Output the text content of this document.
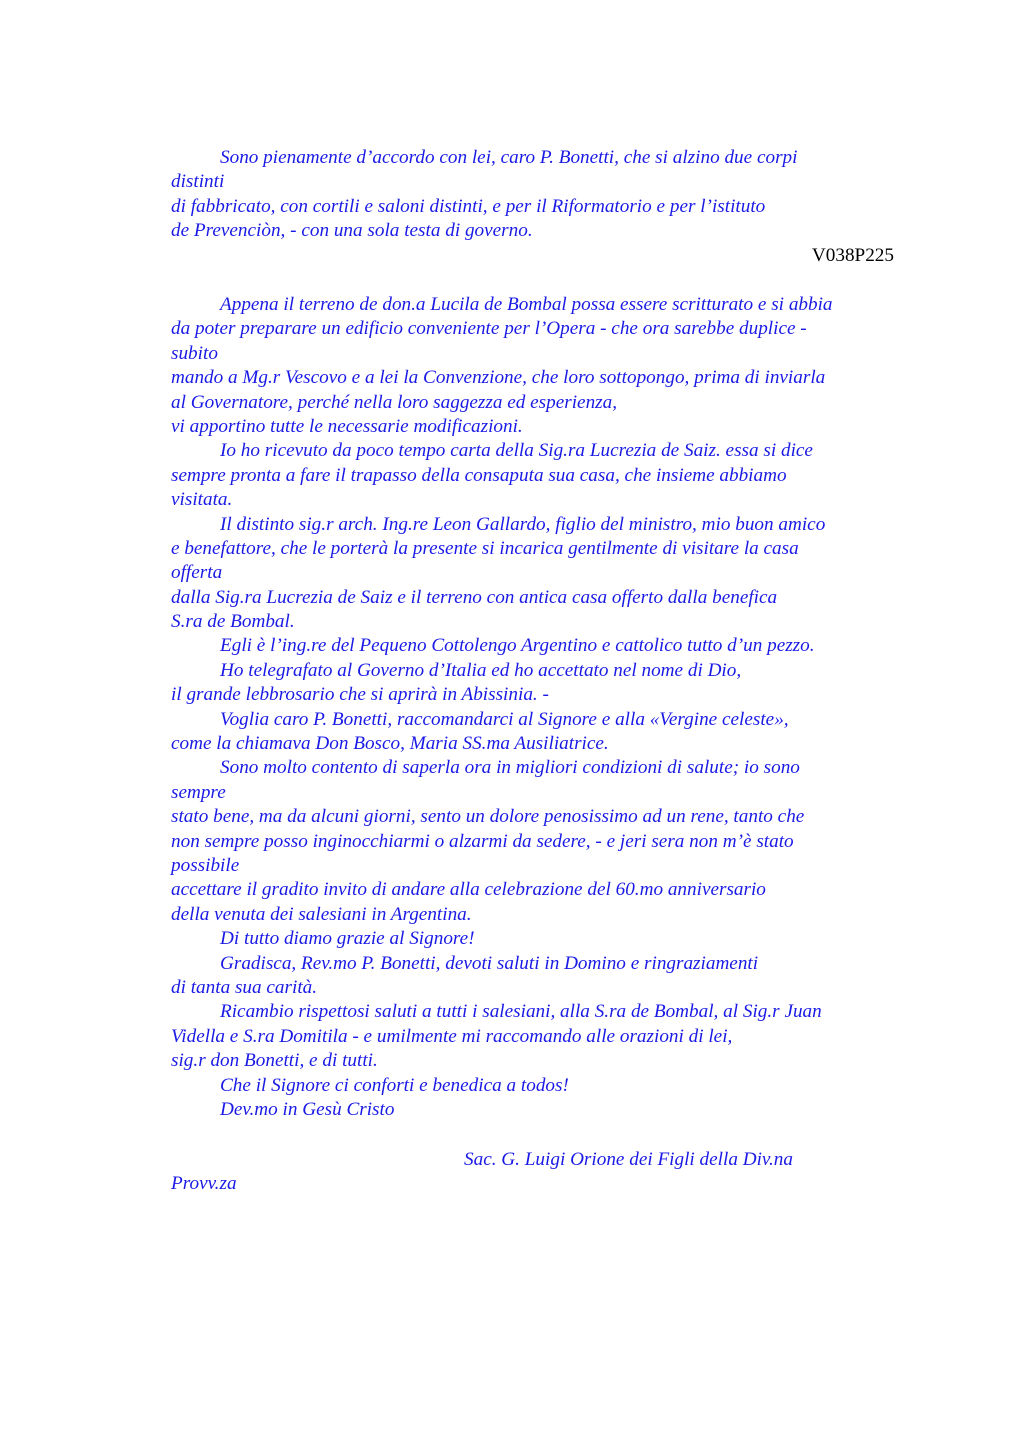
Sono pienamente d’accordo con lei, caro P. Bonetti, che si alzino due corpi
distinti
di fabbricato, con cortili e saloni distinti, e per il Riformatorio e per l’istituto
de Prevenciòn, - con una sola testa di governo.
V038P225
Appena il terreno de don.a Lucila de Bombal possa essere scritturato e si abbia
da poter preparare un edificio conveniente per l’Opera - che ora sarebbe duplice -
subito
mando a Mg.r Vescovo e a lei la Convenzione, che loro sottopongo, prima di inviarla
al Governatore, perché nella loro saggezza ed esperienza,
vi apportino tutte le necessarie modificazioni.
Io ho ricevuto da poco tempo carta della Sig.ra Lucrezia de Saiz. essa si dice
sempre pronta a fare il trapasso della consaputa sua casa, che insieme abbiamo
visitata.
Il distinto sig.r arch. Ing.re Leon Gallardo, figlio del ministro, mio buon amico
e benefattore, che le porterà la presente si incarica gentilmente di visitare la casa
offerta
dalla Sig.ra Lucrezia de Saiz e il terreno con antica casa offerto dalla benefica
S.ra de Bombal.
Egli è l’ing.re del Pequeno Cottolengo Argentino e cattolico tutto d’un pezzo.
Ho telegrafato al Governo d’Italia ed ho accettato nel nome di Dio,
il grande lebbrosario che si aprirà in Abissinia. -
Voglia caro P. Bonetti, raccomandarci al Signore e alla «Vergine celeste»,
come la chiamava Don Bosco, Maria SS.ma Ausiliatrice.
Sono molto contento di saperla ora in migliori condizioni di salute; io sono
sempre
stato bene, ma da alcuni giorni, sento un dolore penosissimo ad un rene, tanto che
non sempre posso inginocchiarmi o alzarmi da sedere, - e jeri sera non m’è stato
possibile
accettare il gradito invito di andare alla celebrazione del 60.mo anniversario
della venuta dei salesiani in Argentina.
Di tutto diamo grazie al Signore!
Gradisca, Rev.mo P. Bonetti, devoti saluti in Domino e ringraziamenti
di tanta sua carità.
Ricambio rispettosi saluti a tutti i salesiani, alla S.ra de Bombal, al Sig.r Juan
Vidella e S.ra Domitila - e umilmente mi raccomando alle orazioni di lei,
sig.r don Bonetti, e di tutti.
Che il Signore ci conforti e benedica a todos!
Dev.mo in Gesù Cristo
Sac. G. Luigi Orione dei Figli della Div.na
Provv.za
